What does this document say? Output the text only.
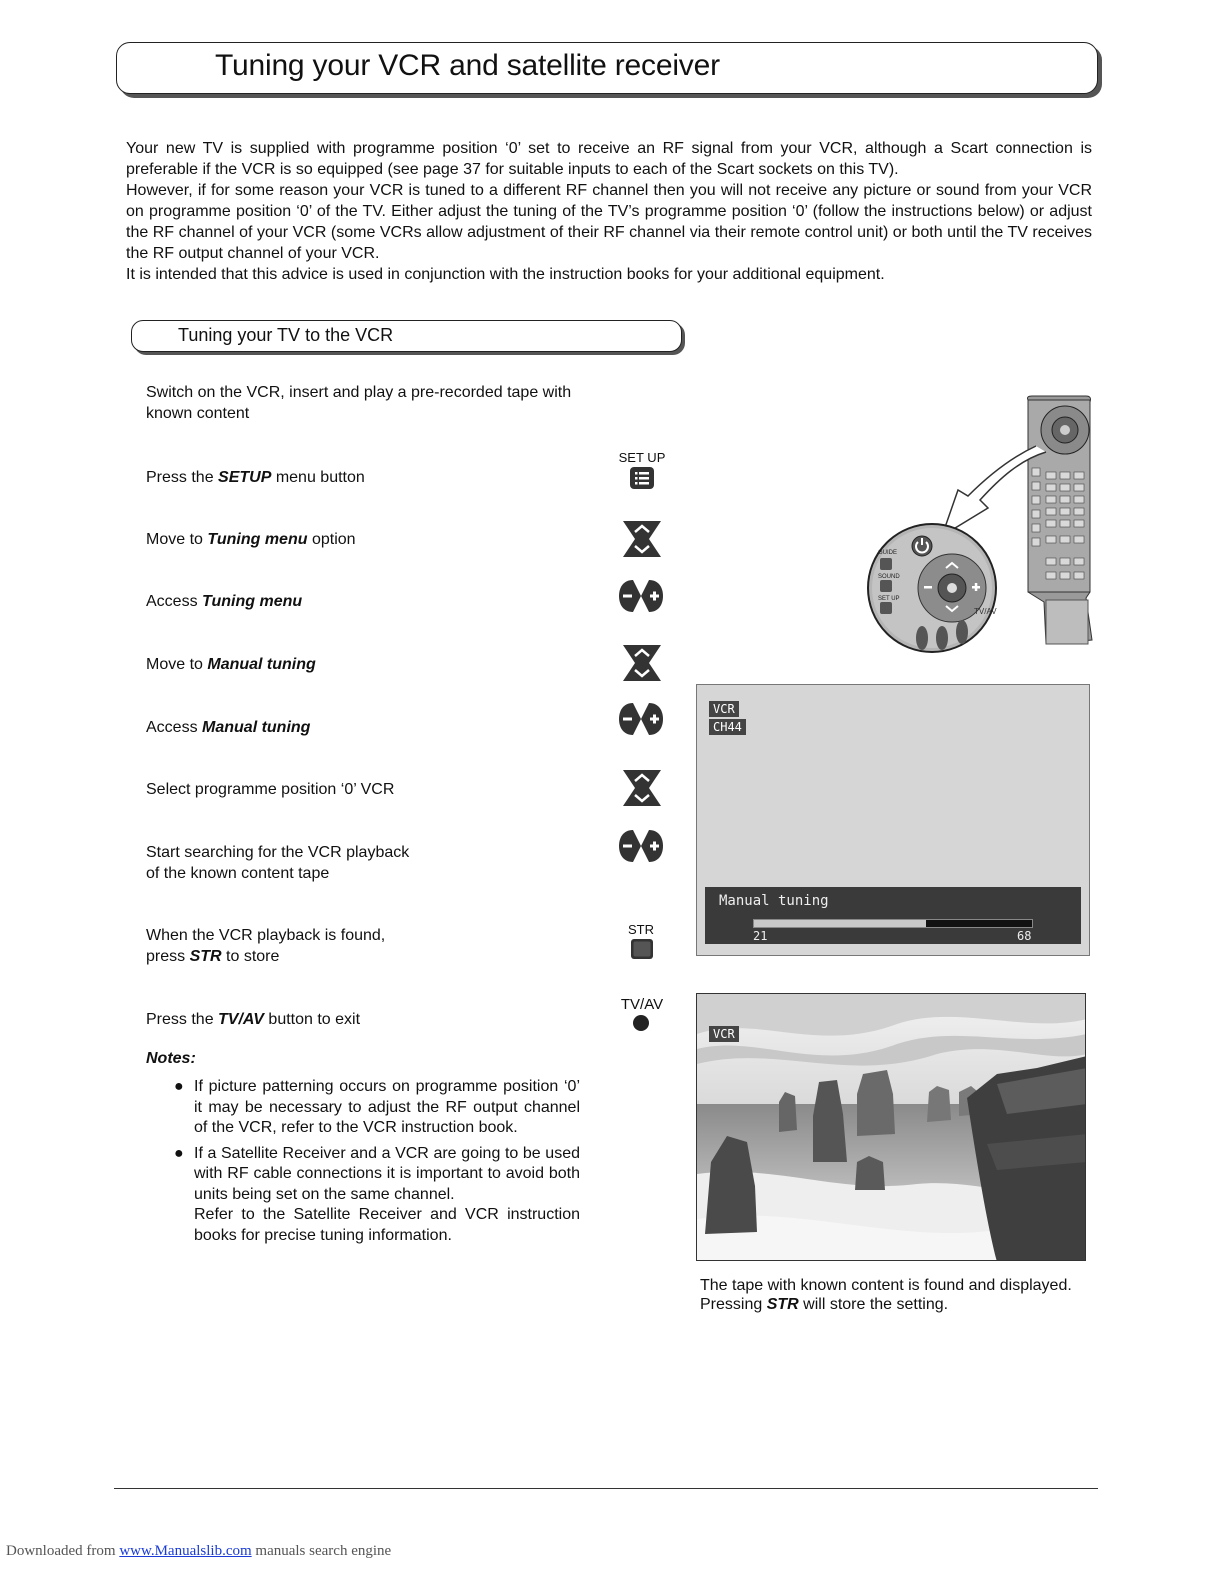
Tuning your VCR and satellite receiver

Your new TV is supplied with programme position ‘0’ set to receive an RF signal from your VCR, although a Scart connection is preferable if the VCR is so equipped (see page 37 for suitable inputs to each of the Scart sockets on this TV).

However, if for some reason your VCR is tuned to a different RF channel then you will not receive any picture or sound from your VCR on programme position ‘0’ of the TV. Either adjust the tuning of the TV’s programme position ‘0’ (follow the instructions below) or adjust the RF channel of your VCR (some VCRs allow adjustment of their RF channel via their remote control unit) or both until the TV receives the RF output channel of your VCR.

It is intended that this advice is used in conjunction with the instruction books for your additional equipment.

Tuning your TV to the VCR
Switch on the VCR, insert and play a pre-recorded tape with
known content
Press the SETUP menu button
Move to Tuning menu option
Access Tuning menu
Move to Manual tuning
Access Manual tuning
Select programme position ‘0’ VCR
Start searching for the VCR playback
of the known content tape
When the VCR playback is found,
press STR to store
Press the TV/AV button to exit
SET UP
STR
TV/AV
GUIDE
SOUND
SET UP
TV/AV
VCR
CH44
Manual tuning
21	68
VCR
The tape with known content is found and displayed.
Pressing STR will store the setting.
Notes:
● If picture patterning occurs on programme position ‘0’ it may be necessary to adjust the RF output channel of the VCR, refer to the VCR instruction book.
● If a Satellite Receiver and a VCR are going to be used with RF cable connections it is important to avoid both units being set on the same channel.
Refer to the Satellite Receiver and VCR instruction books for precise tuning information.
Downloaded from www.Manualslib.com manuals search engine
